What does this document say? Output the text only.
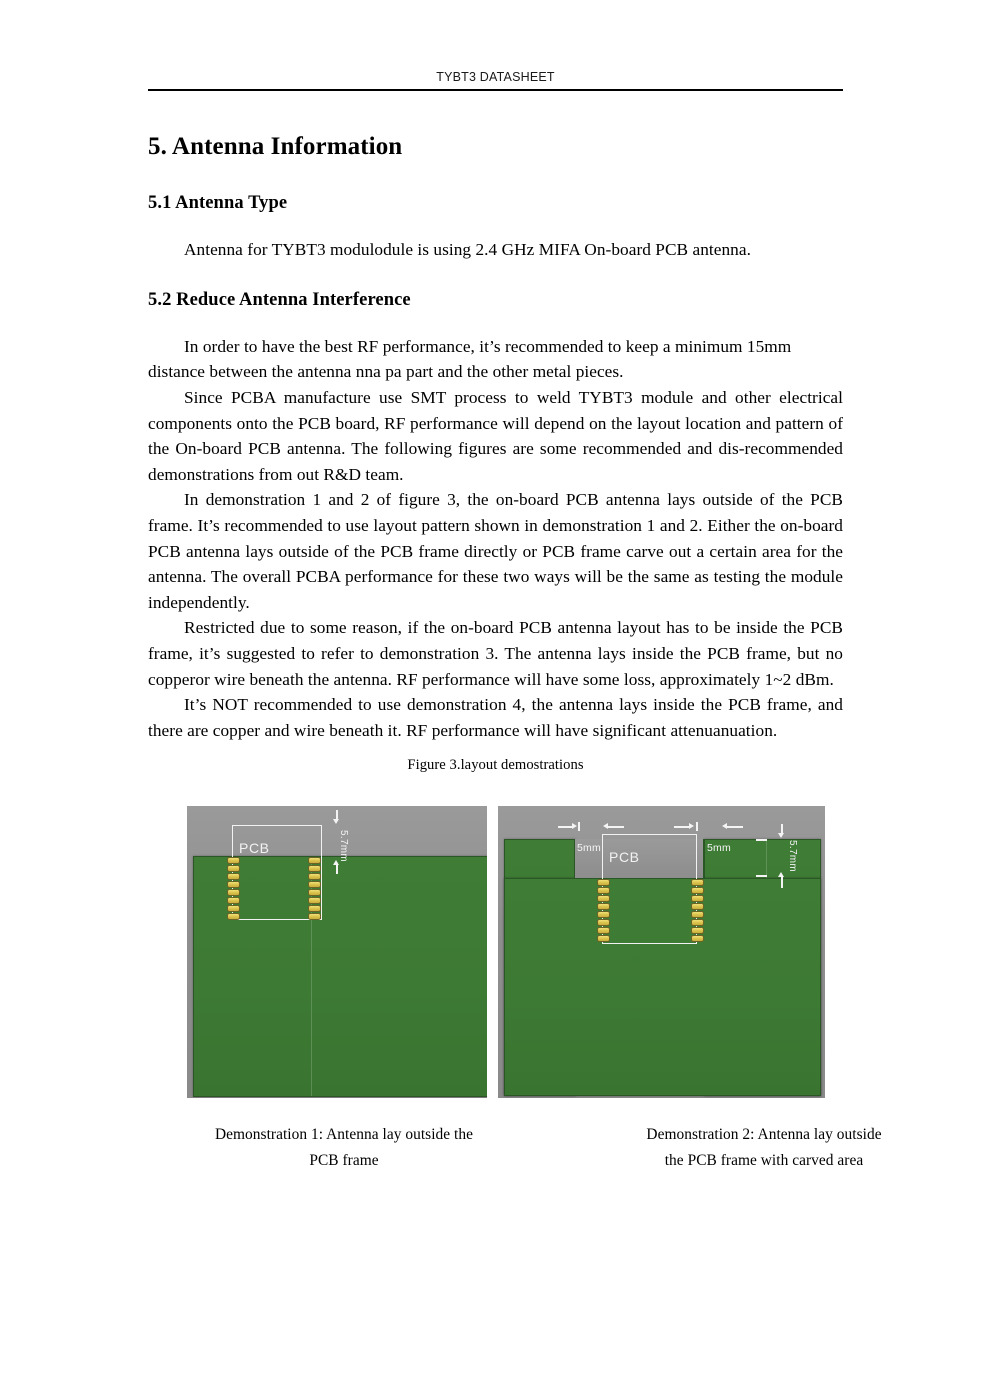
TYBT3 DATASHEET
5. Antenna Information
5.1 Antenna Type

Antenna for TYBT3 modulodule is using 2.4 GHz MIFA On-board PCB antenna.

5.2 Reduce Antenna Interference

In order to have the best RF performance, it’s recommended to keep a minimum 15mm distance between the antenna nna pa part and the other metal pieces.

Since PCBA manufacture use SMT process to weld TYBT3 module and other electrical components onto the PCB board, RF performance will depend on the layout location and pattern of the On-board PCB antenna. The following figures are some recommended and dis-recommended demonstrations from out R&D team.

In demonstration 1 and 2 of figure 3, the on-board PCB antenna lays outside of the PCB frame. It’s recommended to use layout pattern shown in demonstration 1 and 2. Either the on-board PCB antenna lays outside of the PCB frame directly or PCB frame carve out a certain area for the antenna. The overall PCBA performance for these two ways will be the same as testing the module independently.

Restricted due to some reason, if the on-board PCB antenna layout has to be inside the PCB frame, it’s suggested to refer to demonstration 3. The antenna lays inside the PCB frame, but no copperor wire beneath the antenna. RF performance will have some loss, approximately 1~2 dBm.

It’s NOT recommended to use demonstration 4, the antenna lays inside the PCB frame, and there are copper and wire beneath it. RF performance will have significant attenuanuation.

Figure 3.layout demostrations

PCB	5.7mm	PCB
5mm	5mm	5.7mm
Demonstration 1: Antenna lay outside the
PCB frame
Demonstration 2: Antenna lay outside
the PCB frame with carved area
